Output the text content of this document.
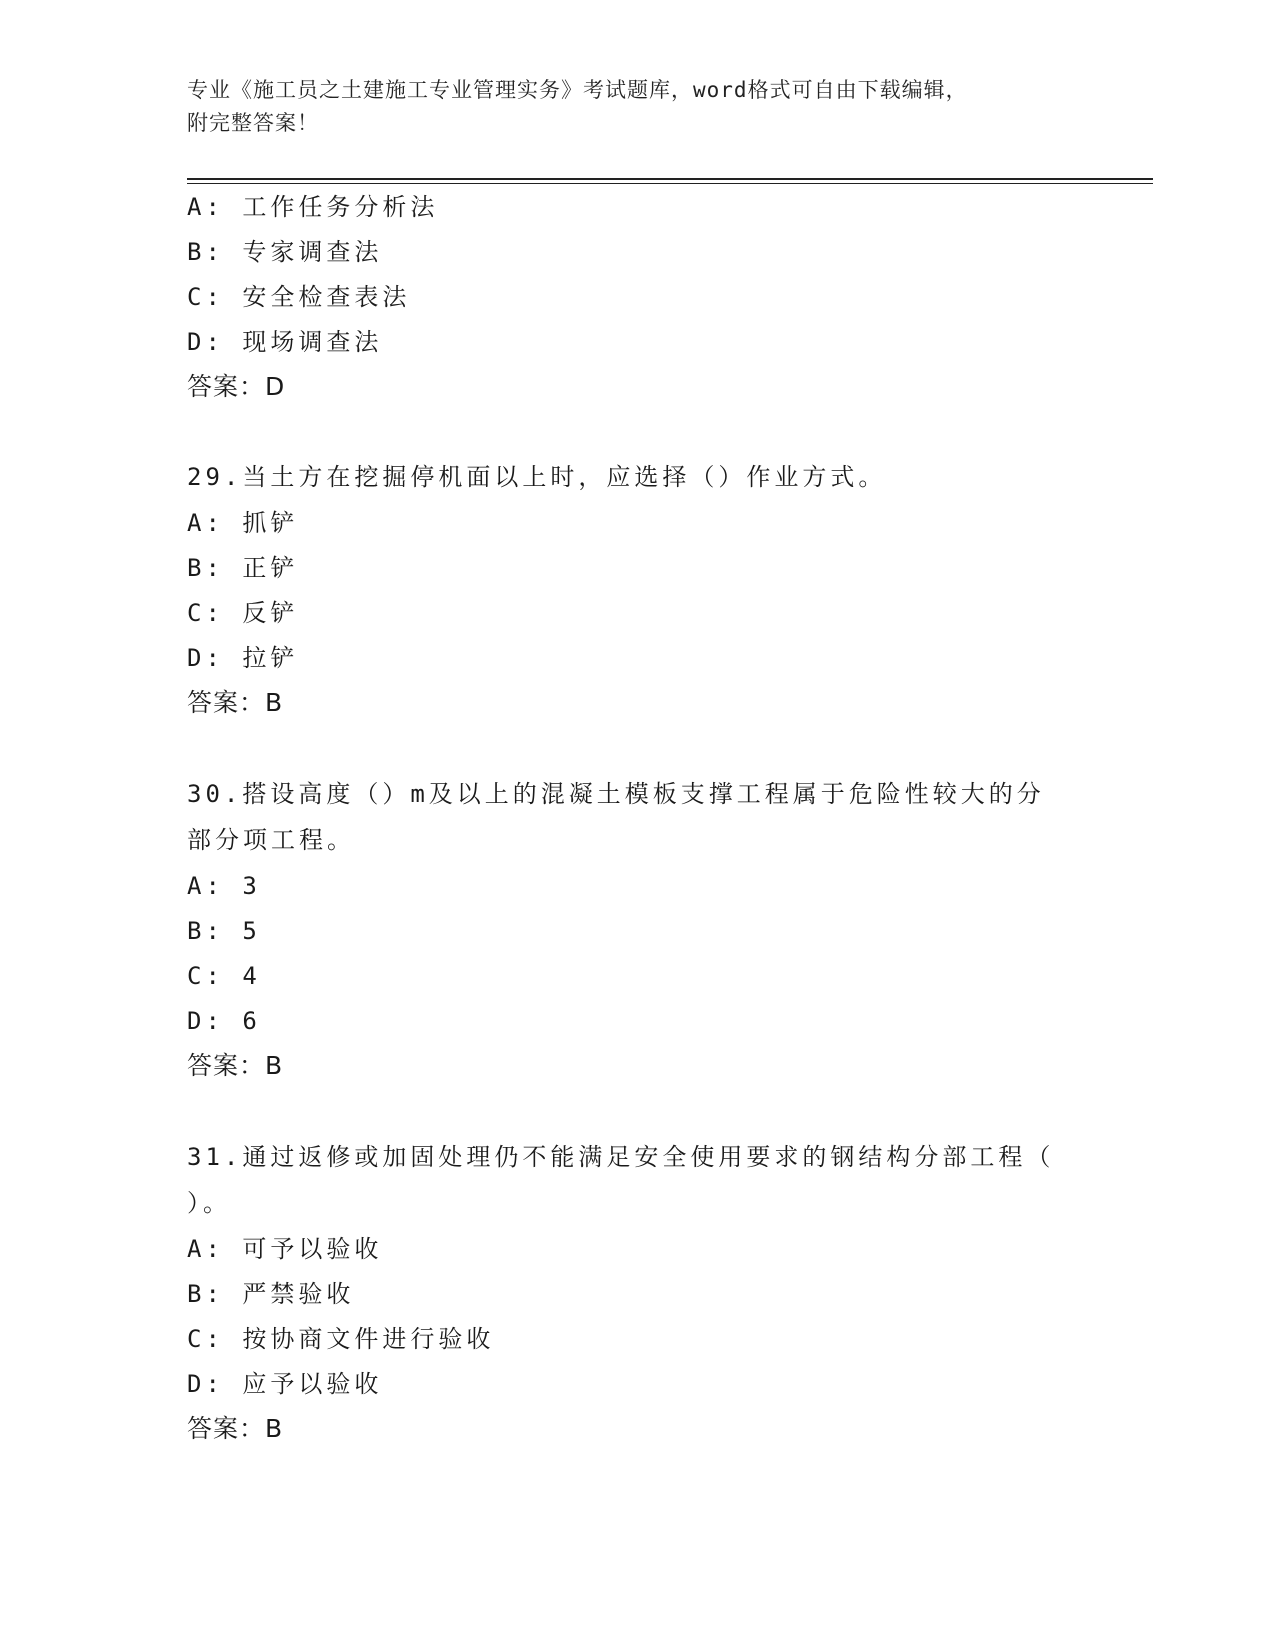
专业《施工员之土建施工专业管理实务》考试题库，word格式可自由下载编辑，
附完整答案！
A: 工作任务分析法
B: 专家调查法
C: 安全检查表法
D: 现场调查法
答案：D
29.当土方在挖掘停机面以上时，应选择（）作业方式。
A: 抓铲
B: 正铲
C: 反铲
D: 拉铲
答案：B
30.搭设高度（）m及以上的混凝土模板支撑工程属于危险性较大的分
部分项工程。
A: 3
B: 5
C: 4
D: 6
答案：B
31.通过返修或加固处理仍不能满足安全使用要求的钢结构分部工程（
）。
A: 可予以验收
B: 严禁验收
C: 按协商文件进行验收
D: 应予以验收
答案：B
